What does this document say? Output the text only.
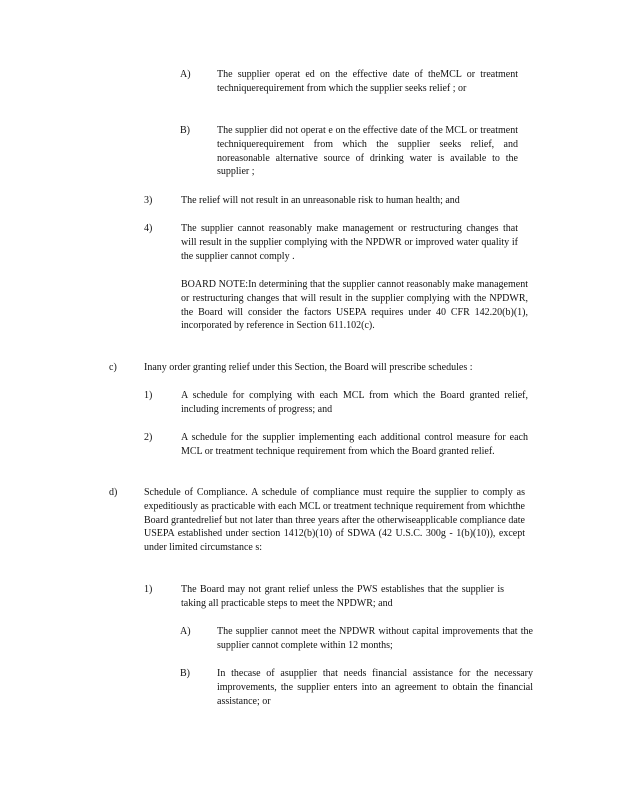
A)	The supplier operat ed on the effective date of theMCL or treatment techniquerequirement from which the supplier seeks relief ; or
B)	The supplier did not operat e on the effective date of the MCL or treatment techniquerequirement from which the supplier seeks relief, and noreasonable alternative source of drinking water is available to the supplier ;
3)	The relief will not result in an unreasonable risk to human health; and
4)	The supplier cannot reasonably make management or restructuring changes that will result in the supplier complying with the NPDWR or improved water quality if the supplier cannot comply .
BOARD NOTE:In determining that the supplier cannot reasonably make management or restructuring changes that will result in the supplier complying with the NPDWR, the Board will consider the factors USEPA requires under 40 CFR 142.20(b)(1), incorporated by reference in Section 611.102(c).
c)	Inany order granting relief under this Section, the Board will prescribe schedules :
1)	A schedule for complying with each MCL from which the Board granted relief, including increments of progress; and
2)	A schedule for the supplier implementing each additional control measure for each MCL or treatment technique requirement from which the Board granted relief.
d)	Schedule of Compliance. A schedule of compliance must require the supplier to comply as expeditiously as practicable with each MCL or treatment technique requirement from whichthe Board grantedrelief but not later than three years after the otherwiseapplicable compliance date USEPA established under section 1412(b)(10) of SDWA (42 U.S.C. 300g - 1(b)(10)), except under limited circumstance s:
1)	The Board may not grant relief unless the PWS establishes that the supplier is taking all practicable steps to meet the NPDWR; and
A)	The supplier cannot meet the NPDWR without capital improvements that the supplier cannot complete within 12 months;
B)	In thecase of asupplier that needs financial assistance for the necessary improvements, the supplier enters into an agreement to obtain the financial assistance; or
